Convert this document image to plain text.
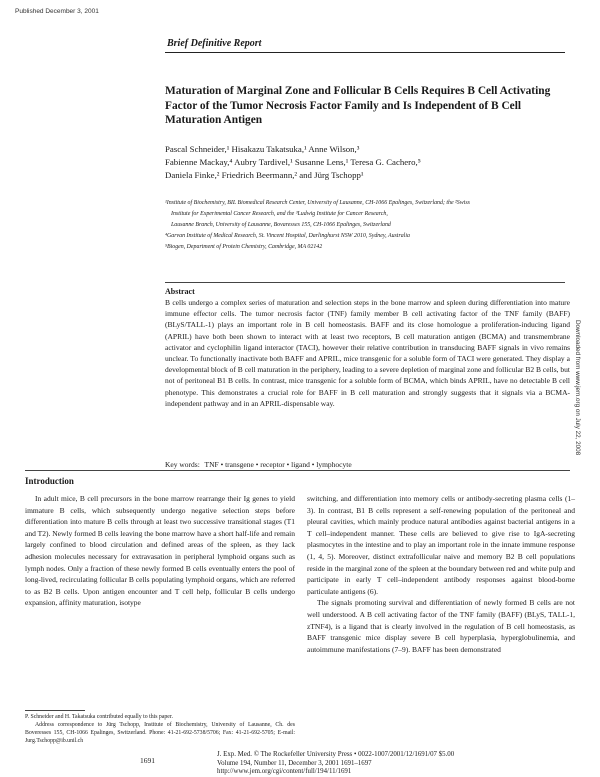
Published December 3, 2001
Brief Definitive Report
Maturation of Marginal Zone and Follicular B Cells Requires B Cell Activating Factor of the Tumor Necrosis Factor Family and Is Independent of B Cell Maturation Antigen
Pascal Schneider,¹ Hisakazu Takatsuka,¹ Anne Wilson,³
Fabienne Mackay,⁴ Aubry Tardivel,¹ Susanne Lens,¹ Teresa G. Cachero,⁵
Daniela Finke,² Friedrich Beermann,² and Jürg Tschopp¹
¹Institute of Biochemistry, BIL Biomedical Research Center, University of Lausanne, CH-1066 Epalinges, Switzerland; the ²Swiss
Institute for Experimental Cancer Research, and the ³Ludwig Institute for Cancer Research,
Lausanne Branch, University of Lausanne, Bovaresses 155, CH-1066 Epalinges, Switzerland
⁴Garvan Institute of Medical Research, St. Vincent Hospital, Darlinghurst NSW 2010, Sydney, Australia
⁵Biogen, Department of Protein Chemistry, Cambridge, MA 02142
Abstract

B cells undergo a complex series of maturation and selection steps in the bone marrow and spleen during differentiation into mature immune effector cells. The tumor necrosis factor (TNF) family member B cell activating factor of the TNF family (BAFF) (BLyS/TALL-1) plays an important role in B cell homeostasis. BAFF and its close homologue a proliferation-inducing ligand (APRIL) have both been shown to interact with at least two receptors, B cell maturation antigen (BCMA) and transmembrane activator and cyclophilin ligand interactor (TACI), however their relative contribution in transducing BAFF signals in vivo remains unclear. To functionally inactivate both BAFF and APRIL, mice transgenic for a soluble form of TACI were generated. They display a developmental block of B cell maturation in the periphery, leading to a severe depletion of marginal zone and follicular B2 B cells, but not of peritoneal B1 B cells. In contrast, mice transgenic for a soluble form of BCMA, which binds APRIL, have no detectable B cell phenotype. This demonstrates a crucial role for BAFF in B cell maturation and strongly suggests that it signals via a BCMA-independent pathway and in an APRIL-dispensable way.

Key words: TNF • transgene • receptor • ligand • lymphocyte
Downloaded from www.jem.org on July 22, 2008
Introduction

In adult mice, B cell precursors in the bone marrow rearrange their Ig genes to yield immature B cells, which subsequently undergo negative selection steps before differentiation into mature B cells through at least two successive transitional stages (T1 and T2). Newly formed B cells leaving the bone marrow have a short half-life and remain largely confined to blood circulation and defined areas of the spleen, as they lack adhesion molecules necessary for extravasation in peripheral lymphoid organs such as lymph nodes. Only a fraction of these newly formed B cells eventually enters the pool of long-lived, recirculating follicular B cells populating lymphoid organs, which are referred to as B2 B cells. Upon antigen encounter and T cell help, follicular B cells undergo expansion, affinity maturation, isotype

switching, and differentiation into memory cells or antibody-secreting plasma cells (1–3). In contrast, B1 B cells represent a self-renewing population of the peritoneal and pleural cavities, which mainly produce natural antibodies against bacterial antigens in a T cell–independent manner. These cells are believed to give rise to IgA-secreting plasmocytes in the intestine and to play an important role in the innate immune response (1, 4, 5). Moreover, distinct extrafollicular naive and memory B2 B cell populations reside in the marginal zone of the spleen at the boundary between red and white pulp and participate in early T cell–independent antibody responses against blood-borne particulate antigens (6).

The signals promoting survival and differentiation of newly formed B cells are not well understood. A B cell activating factor of the TNF family (BAFF) (BLyS, TALL-1, zTNF4), is a ligand that is clearly involved in the regulation of B cell homeostasis, as BAFF transgenic mice display severe B cell hyperplasia, hyperglobulinemia, and autoimmune manifestations (7–9). BAFF has been demonstrated

P. Schneider and H. Takatsuka contributed equally to this paper.

Address correspondence to Jürg Tschopp, Institute of Biochemistry, University of Lausanne, Ch. des Boveresses 155, CH-1066 Epalinges, Switzerland. Phone: 41-21-692-5738/5706; Fax: 41-21-692-5705; E-mail: Jurg.Tschopp@ib.unil.ch

1691
J. Exp. Med. © The Rockefeller University Press • 0022-1007/2001/12/1691/07 $5.00
Volume 194, Number 11, December 3, 2001 1691–1697
http://www.jem.org/cgi/content/full/194/11/1691
